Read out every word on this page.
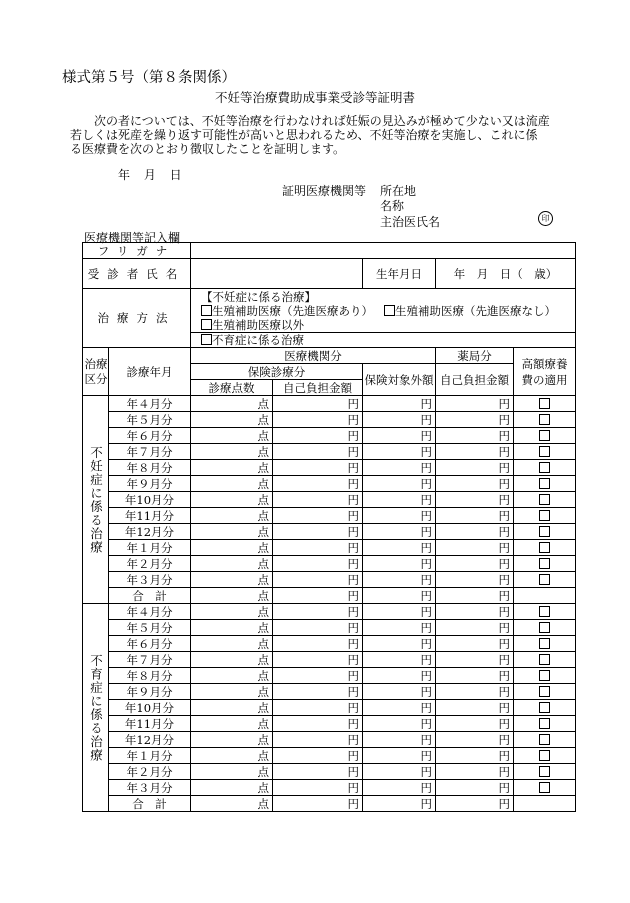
様式第５号（第８条関係）
不妊等治療費助成事業受診等証明書

　次の者については、不妊等治療を行わなければ妊娠の見込みが極めて少ない又は流産

若しくは死産を繰り返す可能性が高いと思われるため、不妊等治療を実施し、これに係

る医療費を次のとおり徴収したことを証明します。

年 月 日
証明医療機関等 所在地
名称
主治医氏名	印
医療機関等記入欄
フリガナ						
受診者氏名				生年月日	年　月　日（　歳）	
治療方法		【不妊症に係る治療】
生殖補助医療（先進医療あり） 生殖補助医療（先進医療なし）
生殖補助医療以外
不育症に係る治療				

治療区分	診療年月	医療機関分			薬局分	高額療養費の適用
		保険診療分		保険対象外額	自己負担金額	
		診療点数	自己負担金額			

不妊症に係る治療	年４月分	点	円	円	円	
	年５月分	点	円	円	円	
	年６月分	点	円	円	円	
	年７月分	点	円	円	円	
	年８月分	点	円	円	円	
	年９月分	点	円	円	円	
	年10月分	点	円	円	円	
	年11月分	点	円	円	円	
	年12月分	点	円	円	円	
	年１月分	点	円	円	円	
	年２月分	点	円	円	円	
	年３月分	点	円	円	円	
	合　計	点	円	円	円	

不育症に係る治療	年４月分	点	円	円	円	
	年５月分	点	円	円	円	
	年６月分	点	円	円	円	
	年７月分	点	円	円	円	
	年８月分	点	円	円	円	
	年９月分	点	円	円	円	
	年10月分	点	円	円	円	
	年11月分	点	円	円	円	
	年12月分	点	円	円	円	
	年１月分	点	円	円	円	
	年２月分	点	円	円	円	
	年３月分	点	円	円	円	
	合　計	点	円	円	円	
